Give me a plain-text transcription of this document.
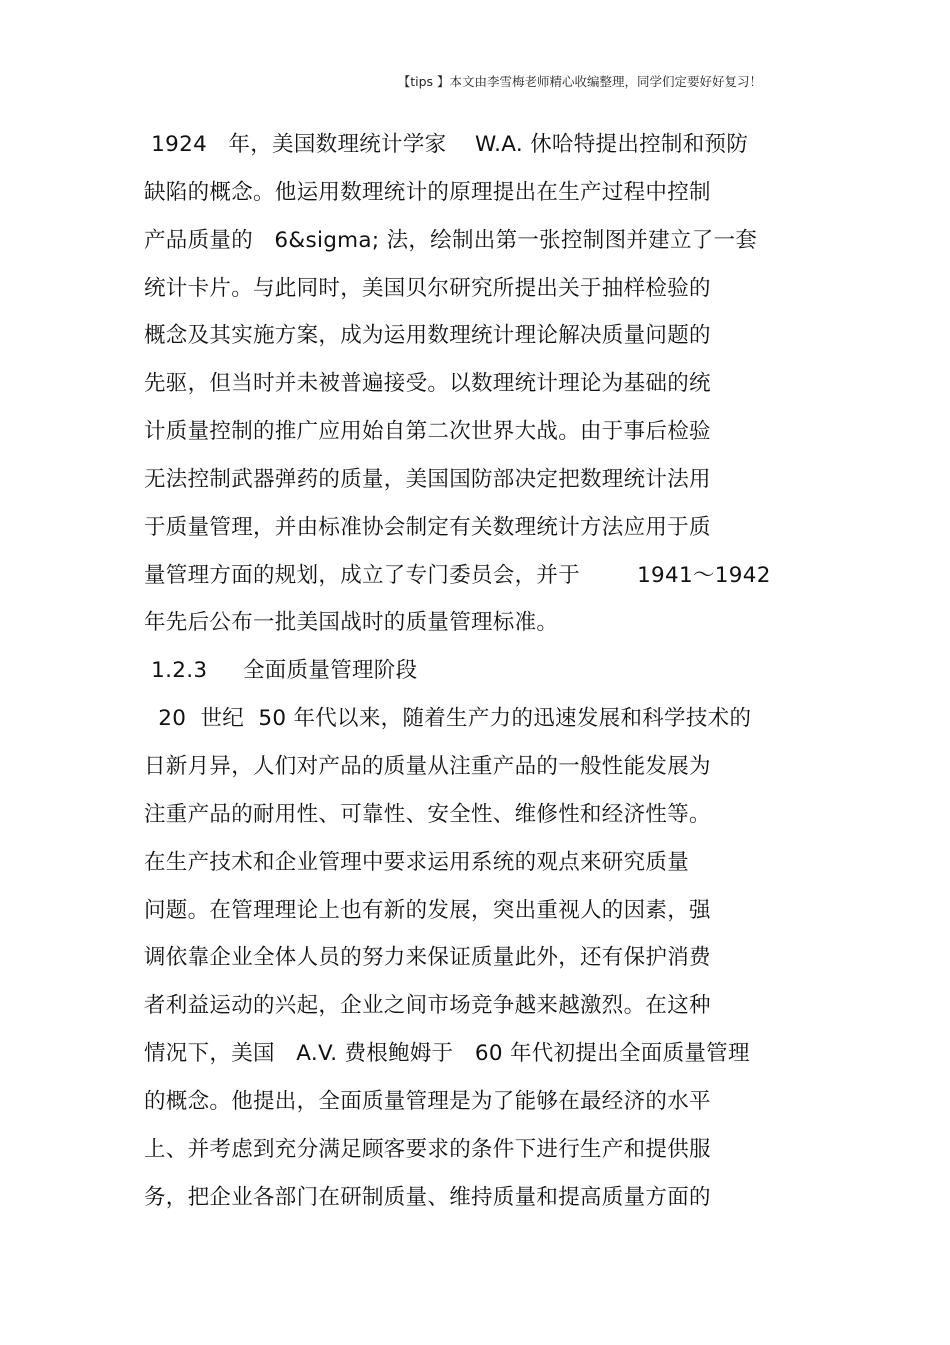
【tips 】本文由李雪梅老师精心收编整理，同学们定要好好复习！
1924   年，美国数理统计学家    W.A. 休哈特提出控制和预防
缺陷的概念。他运用数理统计的原理提出在生产过程中控制
产品质量的   6&sigma; 法，绘制出第一张控制图并建立了一套
统计卡片。与此同时，美国贝尔研究所提出关于抽样检验的
概念及其实施方案，成为运用数理统计理论解决质量问题的
先驱，但当时并未被普遍接受。以数理统计理论为基础的统
计质量控制的推广应用始自第二次世界大战。由于事后检验
无法控制武器弹药的质量，美国国防部决定把数理统计法用
于质量管理，并由标准协会制定有关数理统计方法应用于质
量管理方面的规划，成立了专门委员会，并于        1941～1942
年先后公布一批美国战时的质量管理标准。
1.2.3     全面质量管理阶段
20  世纪  50 年代以来，随着生产力的迅速发展和科学技术的
日新月异，人们对产品的质量从注重产品的一般性能发展为
注重产品的耐用性、可靠性、安全性、维修性和经济性等。
在生产技术和企业管理中要求运用系统的观点来研究质量
问题。在管理理论上也有新的发展，突出重视人的因素，强
调依靠企业全体人员的努力来保证质量此外，还有保护消费
者利益运动的兴起，企业之间市场竞争越来越激烈。在这种
情况下，美国   A.V. 费根鲍姆于   60 年代初提出全面质量管理
的概念。他提出，全面质量管理是为了能够在最经济的水平
上、并考虑到充分满足顾客要求的条件下进行生产和提供服
务，把企业各部门在研制质量、维持质量和提高质量方面的
